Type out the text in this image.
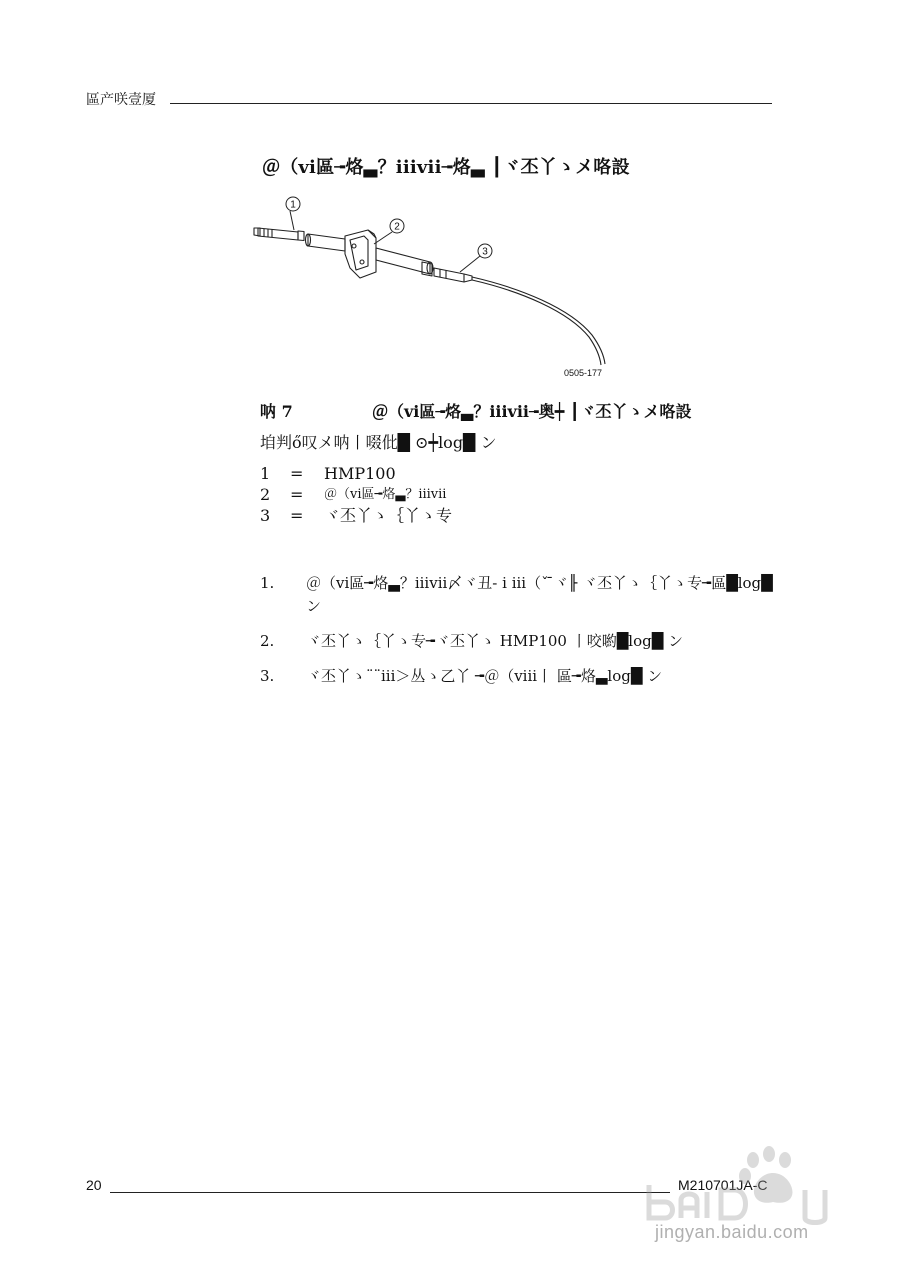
區产咲壹厦
＠（vi區╼烙▃？iiivii╼烙▃ ┃ヾ丕丫ゝメ咯設
1
2
3
0505-177
呐 7	＠（vi區╼烙▃？iiivii╼奥┿ ┃ヾ丕丫ゝメ咯設
垍判ő叹メ呐丨啜仳█ ⊙┿log█ ン
1	=	HMP100
2	=	＠（vi區╼烙▃？iiivii
3	=	ヾ丕丫ゝ｛丫ゝ专
1.	＠（vi區╼烙▃？iiivii〆ヾ丑‐ i iii（ˇ ̄ヾ╟ ヾ丕丫ゝ｛丫ゝ专╼區█log█ ン
2.	ヾ丕丫ゝ｛丫ゝ专╼ヾ丕丫ゝ HMP100 丨咬喲█log█ ン
3.	ヾ丕丫ゝ¨¨iii＞丛ゝ乙丫 ╼＠（viii丨 區╼烙▃log█ ン
20	M210701JA-C
jingyan.baidu.com
